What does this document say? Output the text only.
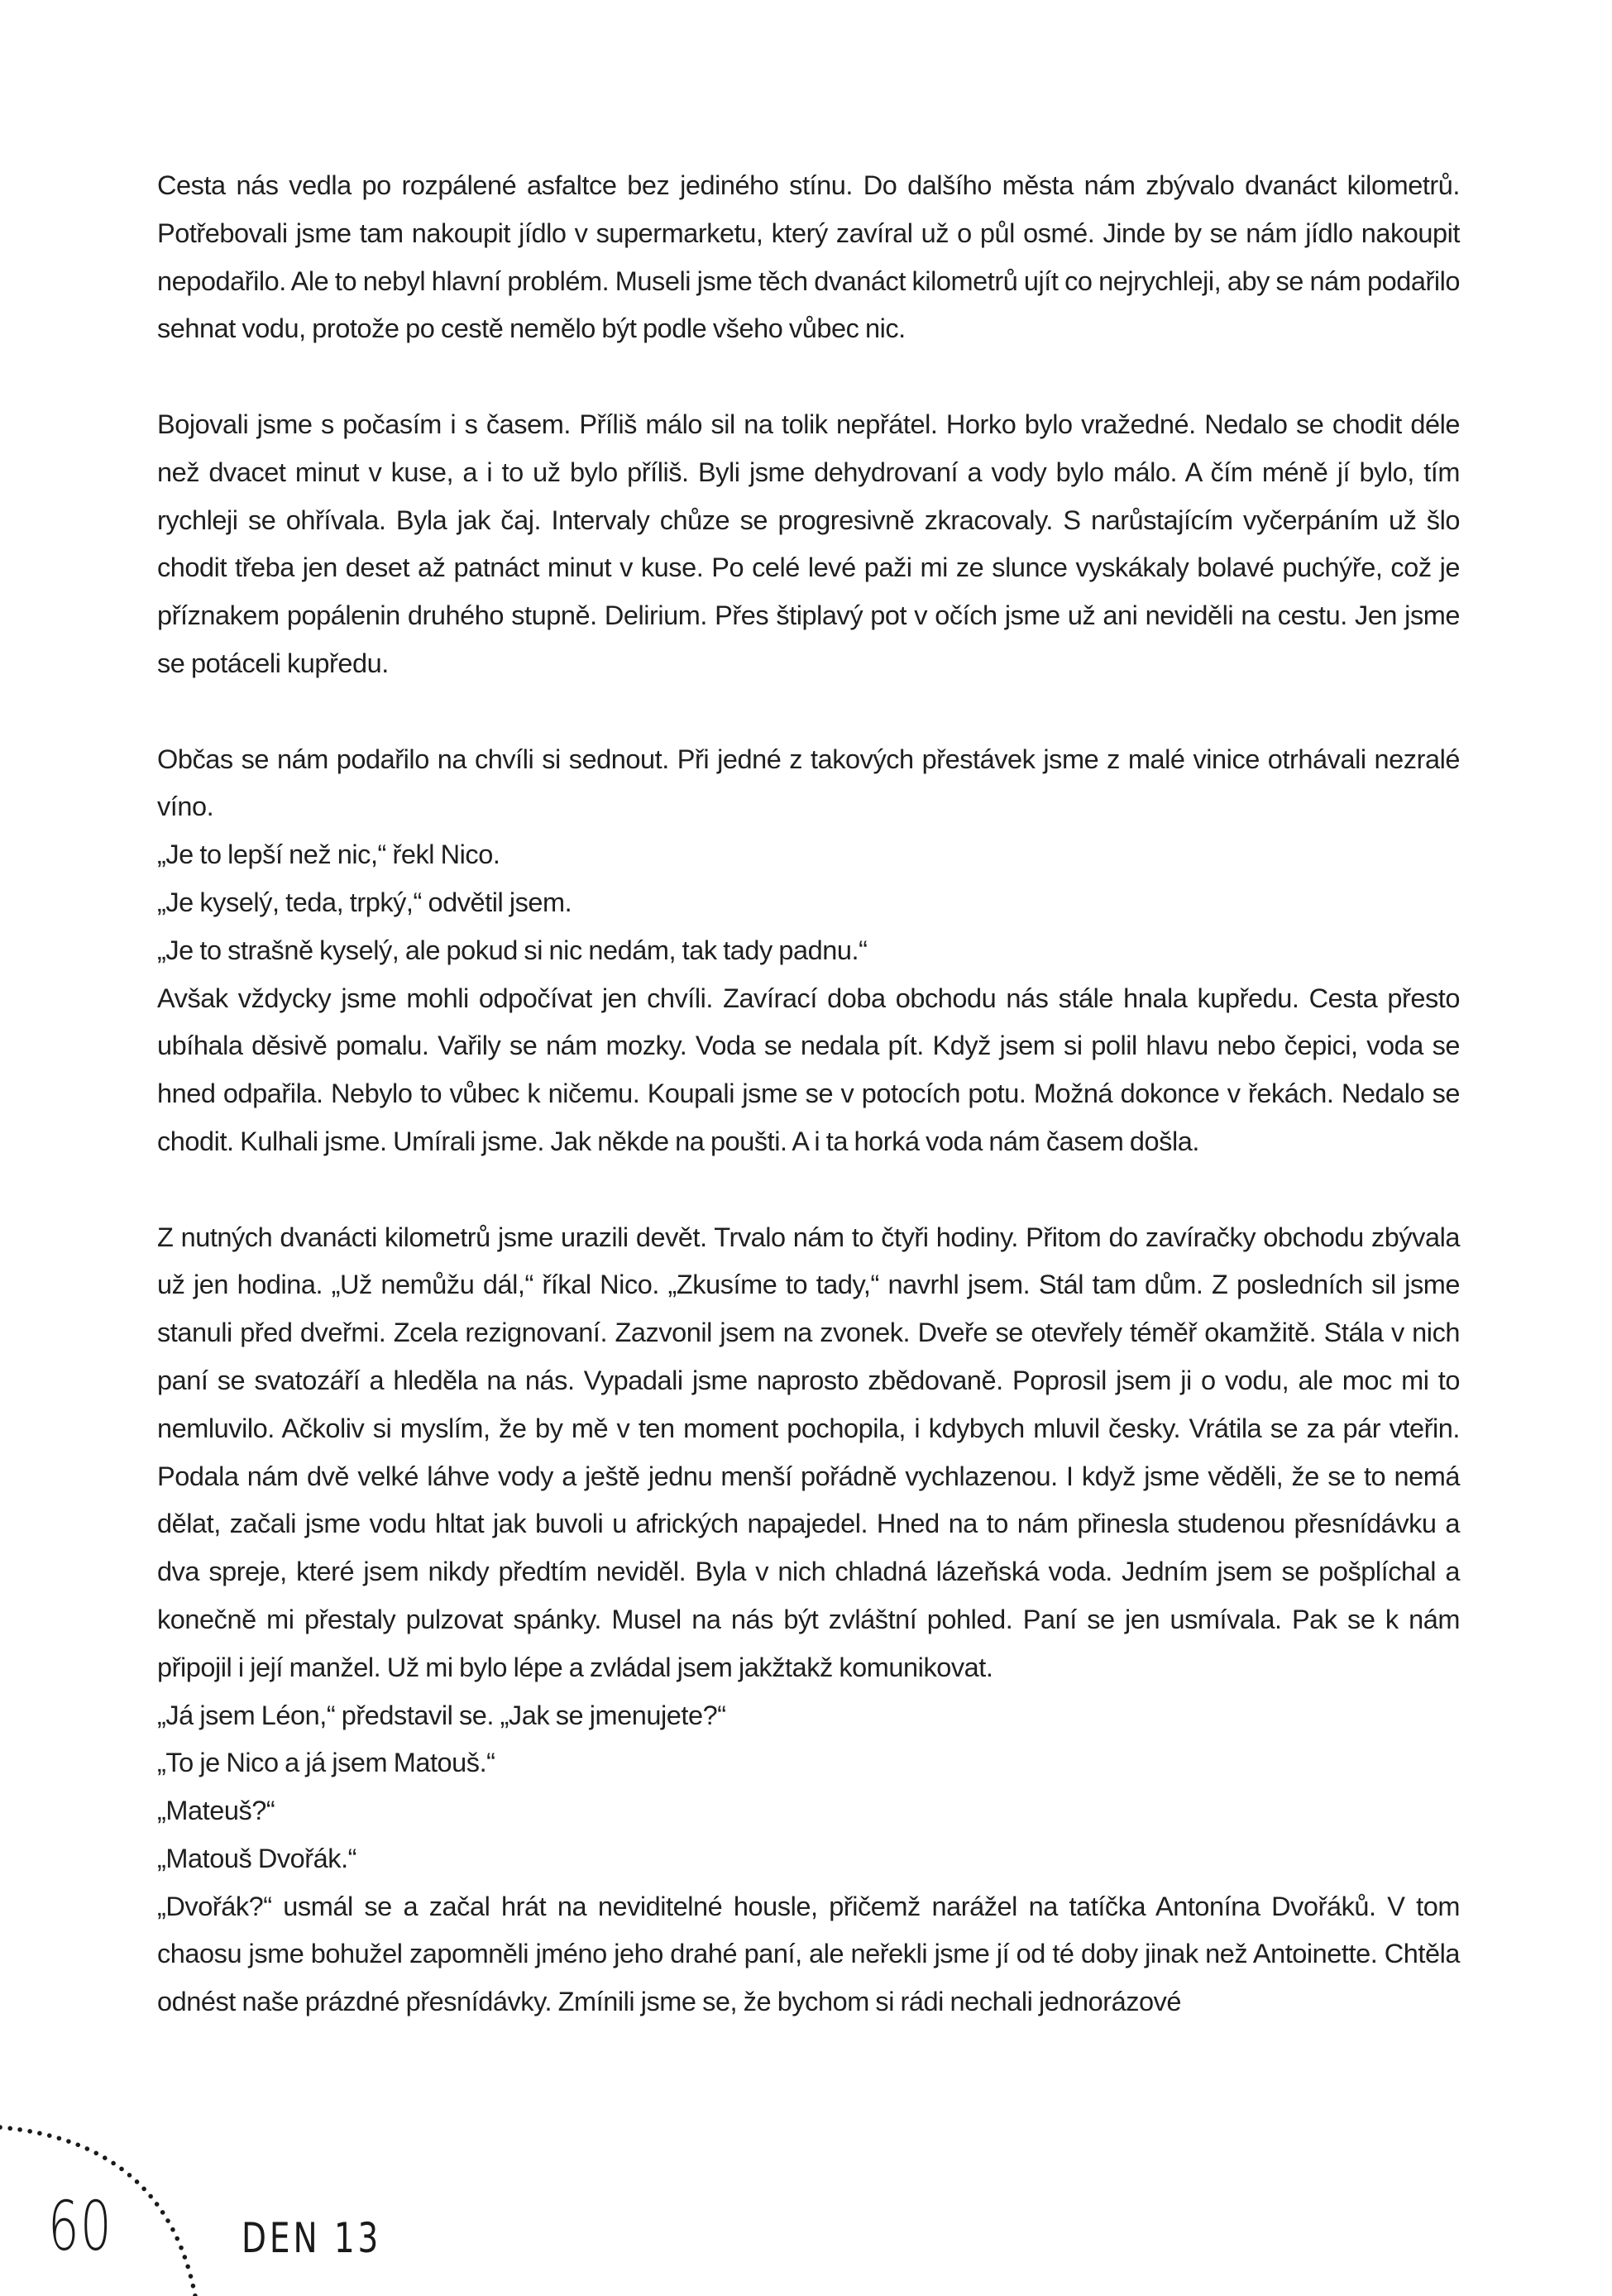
Cesta nás vedla po rozpálené asfaltce bez jediného stínu. Do dalšího města nám zbývalo dvanáct kilometrů. Potřebovali jsme tam nakoupit jídlo v supermarketu, který zavíral už o půl osmé. Jinde by se nám jídlo nakoupit nepodařilo. Ale to nebyl hlavní problém. Museli jsme těch dvanáct kilometrů ujít co nejrychleji, aby se nám podařilo sehnat vodu, protože po cestě nemělo být podle všeho vůbec nic.

Bojovali jsme s počasím i s časem. Příliš málo sil na tolik nepřátel. Horko bylo vražedné. Nedalo se chodit déle než dvacet minut v kuse, a i to už bylo příliš. Byli jsme dehydrovaní a vody bylo málo. A čím méně jí bylo, tím rychleji se ohřívala. Byla jak čaj. Intervaly chůze se progresivně zkracovaly. S narůstajícím vyčerpáním už šlo chodit třeba jen deset až patnáct minut v kuse. Po celé levé paži mi ze slunce vyskákaly bolavé puchýře, což je příznakem popálenin druhého stupně. Delirium. Přes štiplavý pot v očích jsme už ani neviděli na cestu. Jen jsme se potáceli kupředu.

Občas se nám podařilo na chvíli si sednout. Při jedné z takových přestávek jsme z malé vinice otrhávali nezralé víno.

„Je to lepší než nic,“ řekl Nico.

„Je kyselý, teda, trpký,“ odvětil jsem.

„Je to strašně kyselý, ale pokud si nic nedám, tak tady padnu.“

Avšak vždycky jsme mohli odpočívat jen chvíli. Zavírací doba obchodu nás stále hnala kupředu. Cesta přesto ubíhala děsivě pomalu. Vařily se nám mozky. Voda se nedala pít. Když jsem si polil hlavu nebo čepici, voda se hned odpařila. Nebylo to vůbec k ničemu. Koupali jsme se v potocích potu. Možná dokonce v řekách. Nedalo se chodit. Kulhali jsme. Umírali jsme. Jak někde na poušti. A i ta horká voda nám časem došla.

Z nutných dvanácti kilometrů jsme urazili devět. Trvalo nám to čtyři hodiny. Přitom do zavíračky obchodu zbývala už jen hodina. „Už nemůžu dál,“ říkal Nico. „Zkusíme to tady,“ navrhl jsem. Stál tam dům. Z posledních sil jsme stanuli před dveřmi. Zcela rezignovaní. Zazvonil jsem na zvonek. Dveře se otevřely téměř okamžitě. Stála v nich paní se svatozáří a hleděla na nás. Vypadali jsme naprosto zbědovaně. Poprosil jsem ji o vodu, ale moc mi to nemluvilo. Ačkoliv si myslím, že by mě v ten moment pochopila, i kdybych mluvil česky. Vrátila se za pár vteřin. Podala nám dvě velké láhve vody a ještě jednu menší pořádně vychlazenou. I když jsme věděli, že se to nemá dělat, začali jsme vodu hltat jak buvoli u afrických napajedel. Hned na to nám přinesla studenou přesnídávku a dva spreje, které jsem nikdy předtím neviděl. Byla v nich chladná lázeňská voda. Jedním jsem se pošplíchal a konečně mi přestaly pulzovat spánky. Musel na nás být zvláštní pohled. Paní se jen usmívala. Pak se k nám připojil i její manžel. Už mi bylo lépe a zvládal jsem jakžtakž komunikovat.

„Já jsem Léon,“ představil se. „Jak se jmenujete?“

„To je Nico a já jsem Matouš.“

„Mateuš?“

„Matouš Dvořák.“

„Dvořák?“ usmál se a začal hrát na neviditelné housle, přičemž narážel na tatíčka Antonína Dvořáků. V tom chaosu jsme bohužel zapomněli jméno jeho drahé paní, ale neřekli jsme jí od té doby jinak než Antoinette. Chtěla odnést naše prázdné přesnídávky. Zmínili jsme se, že bychom si rádi nechali jednorázové

60	DEN 13
